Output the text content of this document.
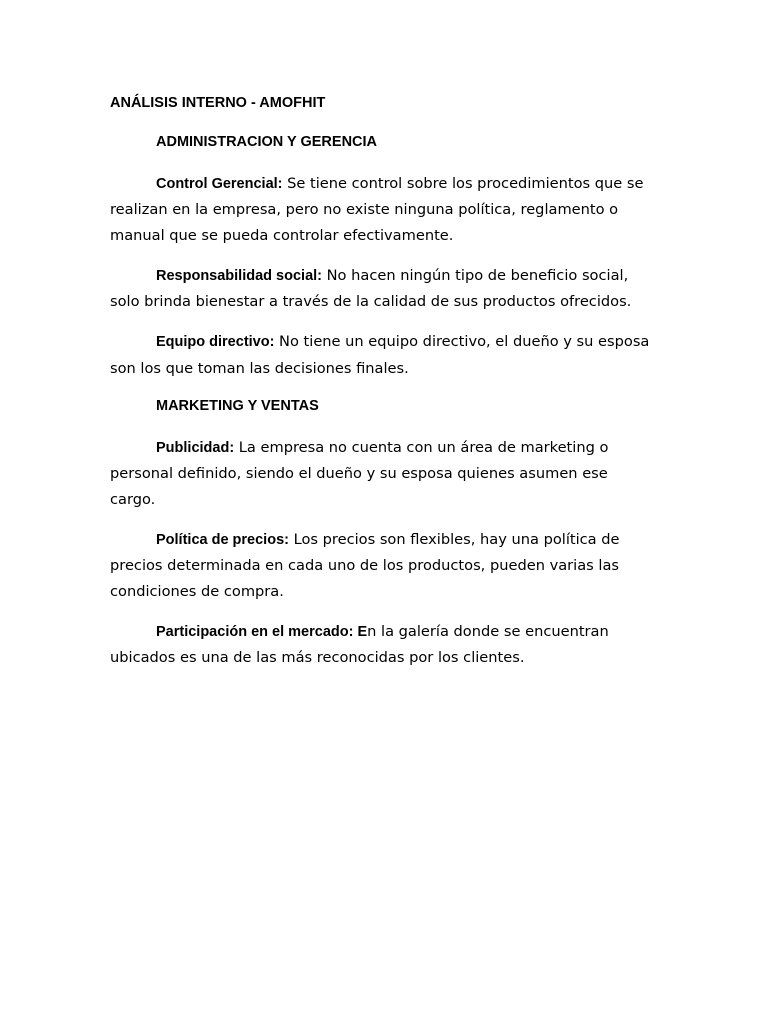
ANÁLISIS INTERNO - AMOFHIT

ADMINISTRACION Y GERENCIA

Control Gerencial: Se tiene control sobre los procedimientos que se realizan en la empresa, pero no existe ninguna política, reglamento o manual que se pueda controlar efectivamente.

Responsabilidad social: No hacen ningún tipo de beneficio social, solo brinda bienestar a través de la calidad de sus productos ofrecidos.

Equipo directivo: No tiene un equipo directivo, el dueño y su esposa son los que toman las decisiones finales.

MARKETING Y VENTAS

Publicidad: La empresa no cuenta con un área de marketing o personal definido, siendo el dueño y su esposa quienes asumen ese cargo.

Política de precios: Los precios son flexibles, hay una política de precios determinada en cada uno de los productos, pueden varias las condiciones de compra.

Participación en el mercado: En la galería donde se encuentran ubicados es una de las más reconocidas por los clientes.
